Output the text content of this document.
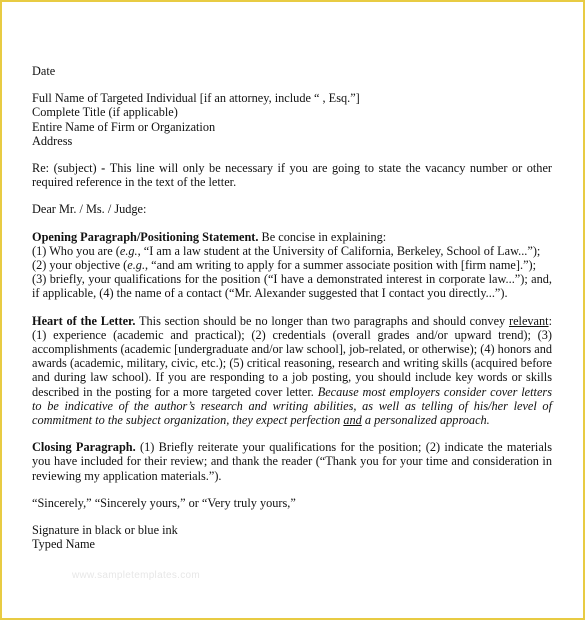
Date

Full Name of Targeted Individual [if an attorney, include “ , Esq.”]

Complete Title (if applicable)

Entire Name of Firm or Organization

Address

Re: (subject) - This line will only be necessary if you are going to state the vacancy number or other required reference in the text of the letter.

Dear Mr. / Ms. / Judge:

Opening Paragraph/Positioning Statement. Be concise in explaining:

(1) Who you are (e.g., “I am a law student at the University of California, Berkeley, School of Law...”);

(2) your objective (e.g., “and am writing to apply for a summer associate position with [firm name].”);

(3) briefly, your qualifications for the position (“I have a demonstrated interest in corporate law...”); and, if applicable, (4) the name of a contact (“Mr. Alexander suggested that I contact you directly...”).

Heart of the Letter. This section should be no longer than two paragraphs and should convey relevant: (1) experience (academic and practical); (2) credentials (overall grades and/or upward trend); (3) accomplishments (academic [undergraduate and/or law school], job-related, or otherwise); (4) honors and awards (academic, military, civic, etc.); (5) critical reasoning, research and writing skills (acquired before and during law school). If you are responding to a job posting, you should include key words or skills described in the posting for a more targeted cover letter. Because most employers consider cover letters to be indicative of the author’s research and writing abilities, as well as telling of his/her level of commitment to the subject organization, they expect perfection and a personalized approach.

Closing Paragraph. (1) Briefly reiterate your qualifications for the position; (2) indicate the materials you have included for their review; and thank the reader (“Thank you for your time and consideration in reviewing my application materials.”).

“Sincerely,” “Sincerely yours,” or “Very truly yours,”

Signature in black or blue ink

Typed Name

www.sampletemplates.com
